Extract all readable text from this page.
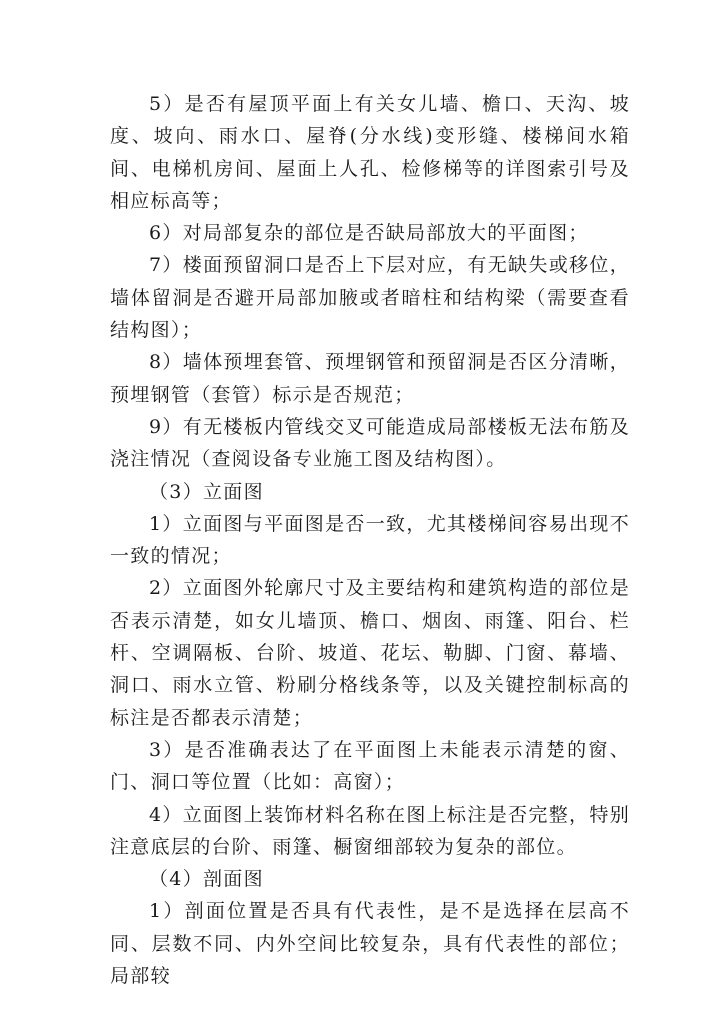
5）是否有屋顶平面上有关女儿墙、檐口、天沟、坡度、坡向、雨水口、屋脊(分水线)变形缝、楼梯间水箱间、电梯机房间、屋面上人孔、检修梯等的详图索引号及相应标高等；

6）对局部复杂的部位是否缺局部放大的平面图；

7）楼面预留洞口是否上下层对应，有无缺失或移位，墙体留洞是否避开局部加腋或者暗柱和结构梁（需要查看结构图）；

8）墙体预埋套管、预埋钢管和预留洞是否区分清晰，预埋钢管（套管）标示是否规范；

9）有无楼板内管线交叉可能造成局部楼板无法布筋及浇注情况（查阅设备专业施工图及结构图）。

（3）立面图

1）立面图与平面图是否一致，尤其楼梯间容易出现不一致的情况；

2）立面图外轮廓尺寸及主要结构和建筑构造的部位是否表示清楚，如女儿墙顶、檐口、烟囱、雨篷、阳台、栏杆、空调隔板、台阶、坡道、花坛、勒脚、门窗、幕墙、洞口、雨水立管、粉刷分格线条等，以及关键控制标高的标注是否都表示清楚；

3）是否准确表达了在平面图上未能表示清楚的窗、门、洞口等位置（比如：高窗）；

4）立面图上装饰材料名称在图上标注是否完整，特别注意底层的台阶、雨篷、橱窗细部较为复杂的部位。

（4）剖面图

1）剖面位置是否具有代表性，是不是选择在层高不同、层数不同、内外空间比较复杂，具有代表性的部位；局部较
